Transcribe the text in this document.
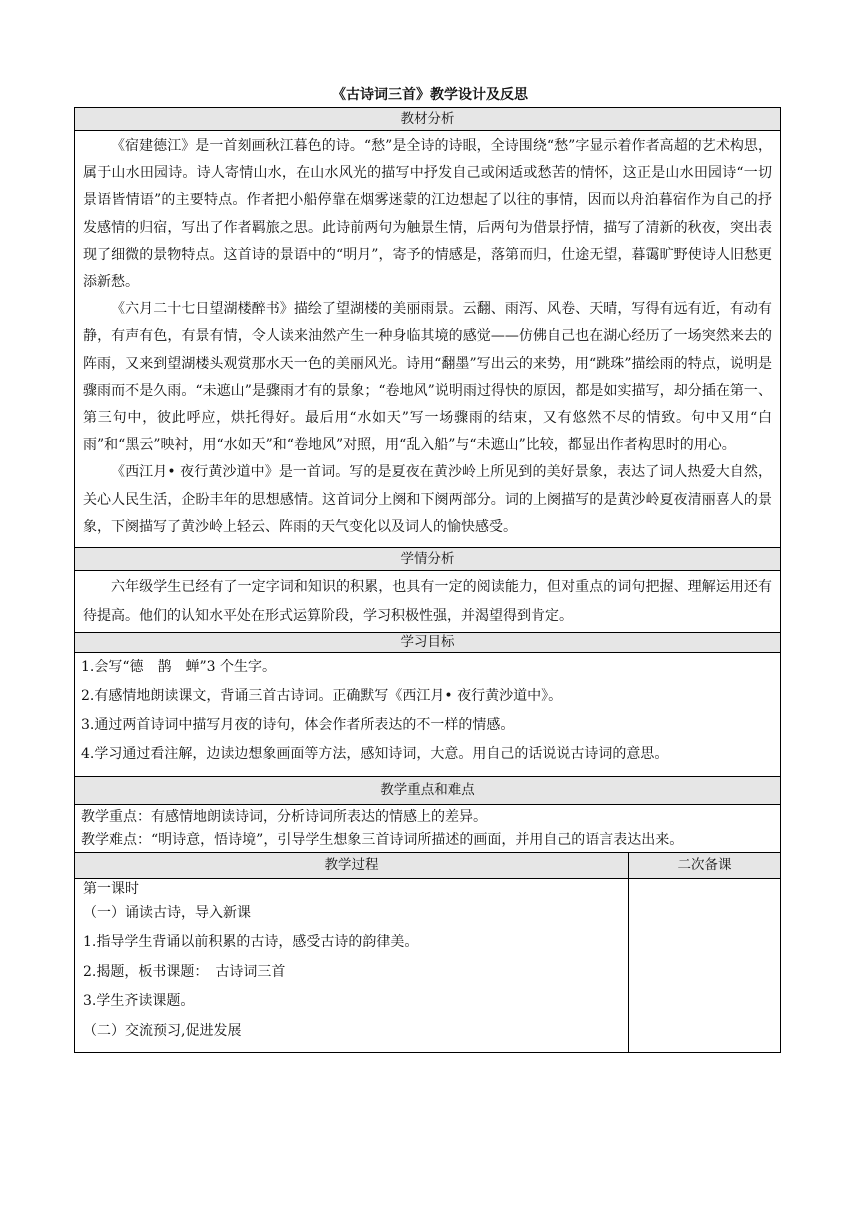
《古诗词三首》教学设计及反思
教材分析

《宿建德江》是一首刻画秋江暮色的诗。“愁”是全诗的诗眼，全诗围绕“愁”字显示着作者高超的艺术构思，属于山水田园诗。诗人寄情山水，在山水风光的描写中抒发自己或闲适或愁苦的情怀，这正是山水田园诗“一切景语皆情语”的主要特点。作者把小船停靠在烟雾迷蒙的江边想起了以往的事情，因而以舟泊暮宿作为自己的抒发感情的归宿，写出了作者羁旅之思。此诗前两句为触景生情，后两句为借景抒情，描写了清新的秋夜，突出表现了细微的景物特点。这首诗的景语中的“明月”，寄予的情感是，落第而归，仕途无望，暮霭旷野使诗人旧愁更添新愁。

《六月二十七日望湖楼醉书》描绘了望湖楼的美丽雨景。云翻、雨泻、风卷、天晴，写得有远有近，有动有静，有声有色，有景有情，令人读来油然产生一种身临其境的感觉——仿佛自己也在湖心经历了一场突然来去的阵雨，又来到望湖楼头观赏那水天一色的美丽风光。诗用“翻墨”写出云的来势，用“跳珠”描绘雨的特点，说明是骤雨而不是久雨。“未遮山”是骤雨才有的景象；“卷地风”说明雨过得快的原因，都是如实描写，却分插在第一、第三句中，彼此呼应，烘托得好。最后用“水如天”写一场骤雨的结束，又有悠然不尽的情致。句中又用“白雨”和“黑云”映衬，用“水如天”和“卷地风”对照，用“乱入船”与“未遮山”比较，都显出作者构思时的用心。

《西江月• 夜行黄沙道中》是一首词。写的是夏夜在黄沙岭上所见到的美好景象，表达了词人热爱大自然，关心人民生活，企盼丰年的思想感情。这首词分上阕和下阕两部分。词的上阕描写的是黄沙岭夏夜清丽喜人的景象，下阕描写了黄沙岭上轻云、阵雨的天气变化以及词人的愉快感受。

学情分析

六年级学生已经有了一定字词和知识的积累，也具有一定的阅读能力，但对重点的词句把握、理解运用还有待提高。他们的认知水平处在形式运算阶段，学习积极性强，并渴望得到肯定。

学习目标

1.会写“德　鹊　蝉”3 个生字。

2.有感情地朗读课文，背诵三首古诗词。正确默写《西江月• 夜行黄沙道中》。

3.通过两首诗词中描写月夜的诗句，体会作者所表达的不一样的情感。

4.学习通过看注解，边读边想象画面等方法，感知诗词，大意。用自己的话说说古诗词的意思。

教学重点和难点

教学重点：有感情地朗读诗词，分析诗词所表达的情感上的差异。

教学难点：“明诗意，悟诗境”，引导学生想象三首诗词所描述的画面，并用自己的语言表达出来。

教学过程	二次备课

第一课时

（一）诵读古诗，导入新课

1.指导学生背诵以前积累的古诗，感受古诗的韵律美。

2.揭题，板书课题：　古诗词三首

3.学生齐读课题。

（二）交流预习,促进发展
